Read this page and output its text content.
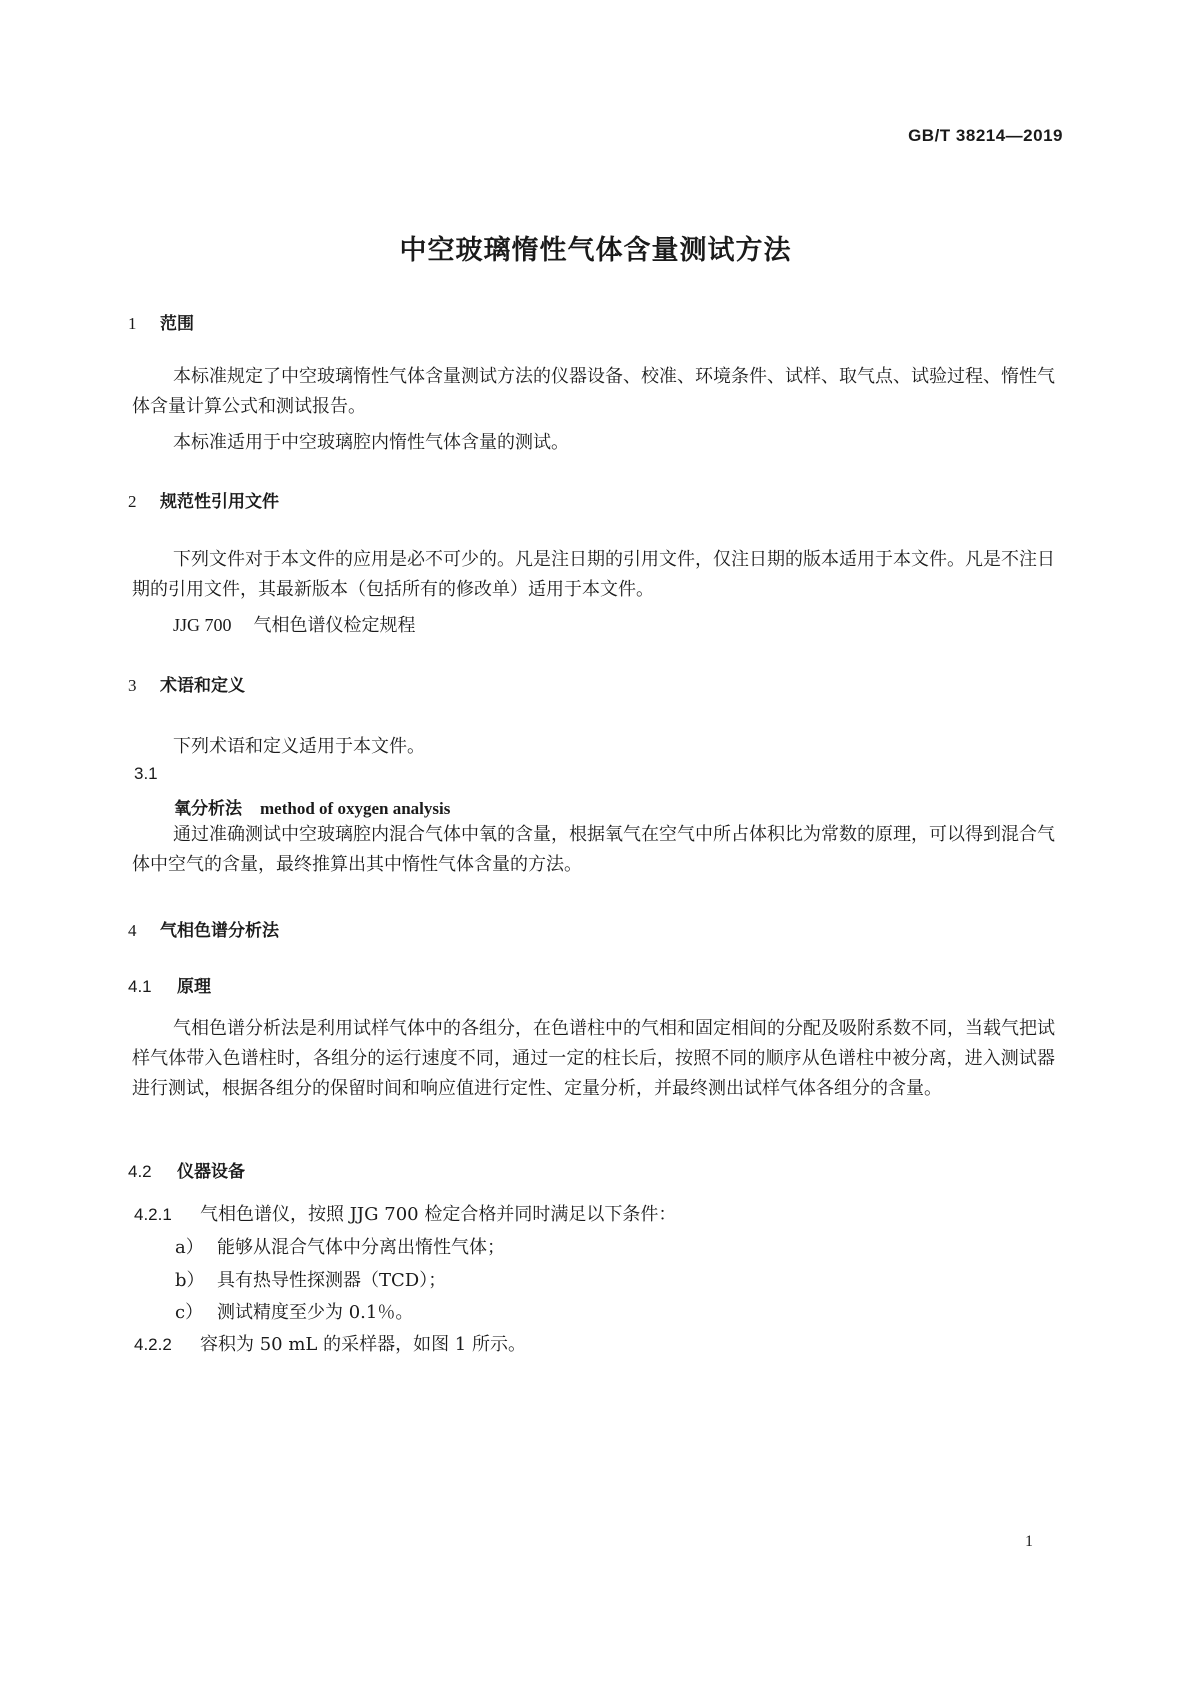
GB/T 38214—2019
中空玻璃惰性气体含量测试方法
1 范围
本标准规定了中空玻璃惰性气体含量测试方法的仪器设备、校准、环境条件、试样、取气点、试验过程、惰性气体含量计算公式和测试报告。
本标准适用于中空玻璃腔内惰性气体含量的测试。
2 规范性引用文件
下列文件对于本文件的应用是必不可少的。凡是注日期的引用文件，仅注日期的版本适用于本文件。凡是不注日期的引用文件，其最新版本（包括所有的修改单）适用于本文件。
JJG 700 气相色谱仪检定规程
3 术语和定义
下列术语和定义适用于本文件。
3.1
氧分析法 method of oxygen analysis
通过准确测试中空玻璃腔内混合气体中氧的含量，根据氧气在空气中所占体积比为常数的原理，可以得到混合气体中空气的含量，最终推算出其中惰性气体含量的方法。
4 气相色谱分析法
4.1 原理
气相色谱分析法是利用试样气体中的各组分，在色谱柱中的气相和固定相间的分配及吸附系数不同，当载气把试样气体带入色谱柱时，各组分的运行速度不同，通过一定的柱长后，按照不同的顺序从色谱柱中被分离，进入测试器进行测试，根据各组分的保留时间和响应值进行定性、定量分析，并最终测出试样气体各组分的含量。
4.2 仪器设备
4.2.1 气相色谱仪，按照 JJG 700 检定合格并同时满足以下条件：
a） 能够从混合气体中分离出惰性气体；
b） 具有热导性探测器（TCD）；
c） 测试精度至少为 0.1％。
4.2.2 容积为 50 mL 的采样器，如图 1 所示。
1
